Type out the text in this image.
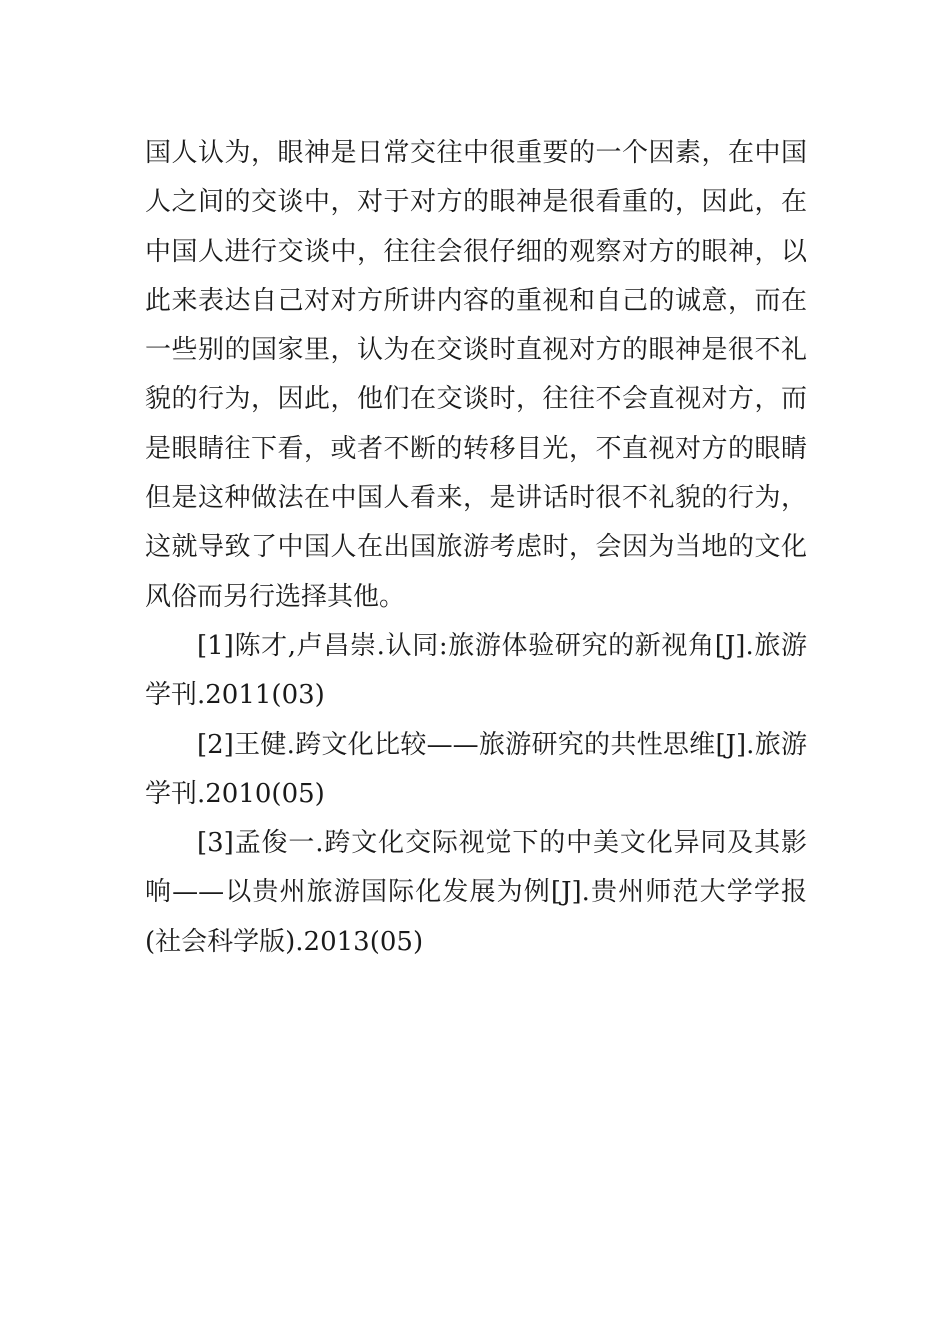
国人认为，眼神是日常交往中很重要的一个因素，在中国人之间的交谈中，对于对方的眼神是很看重的，因此，在中国人进行交谈中，往往会很仔细的观察对方的眼神，以此来表达自己对对方所讲内容的重视和自己的诚意，而在一些别的国家里，认为在交谈时直视对方的眼神是很不礼貌的行为，因此，他们在交谈时，往往不会直视对方，而是眼睛往下看，或者不断的转移目光，不直视对方的眼睛但是这种做法在中国人看来，是讲话时很不礼貌的行为，这就导致了中国人在出国旅游考虑时，会因为当地的文化风俗而另行选择其他。

[1]陈才,卢昌崇.认同:旅游体验研究的新视角[J].旅游学刊.2011(03)

[2]王健.跨文化比较——旅游研究的共性思维[J].旅游学刊.2010(05)

[3]孟俊一.跨文化交际视觉下的中美文化异同及其影响——以贵州旅游国际化发展为例[J].贵州师范大学学报(社会科学版).2013(05)
